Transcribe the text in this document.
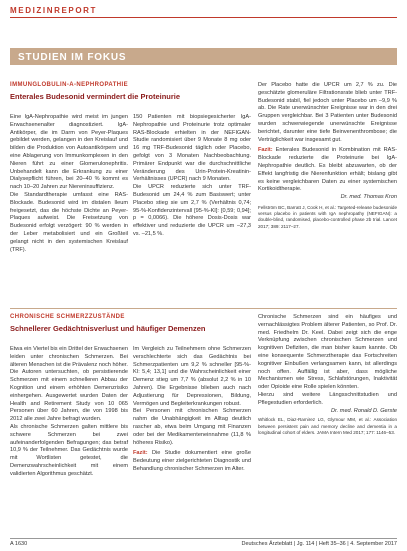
MEDIZINREPORT
STUDIEN IM FOKUS
IMMUNGLOBULIN-A-NEPHROPATHIE
Enterales Budesonid vermindert die Proteinurie

Eine IgA-Nephropathie wird meist im jungen Erwachsenenalter diagnostiziert. IgA-Antikörper, die im Darm von Peyer-Plaques gebildet werden, gelangen in den Kreislauf und bilden die Produktion von Autoantikörpern und eine Ablagerung von Immunkomplexen in den Nieren führt zu einer Glomerulonephritis. Unbehandelt kann die Erkrankung zu einer Dialysepflicht führen, bei 20–40 % kommt es nach 10–20 Jahren zur Niereninsuffizienz.

Die Standardtherapie umfasst eine RAS-Blockade. Budesonid wird im distalen Ileum freigesetzt, das die höchste Dichte an Peyer-Plaques aufweist. Die Freisetzung von Budesonid erfolgt verzögert: 90 % werden in der Leber metabolisiert und ein Großteil gelangt nicht in den systemischen Kreislauf (TRF).

150 Patienten mit biopsiegesicherter IgA-Nephropathie und Proteinurie trotz optimaler RAS-Blockade erhielten in der NEFIGAN-Studie randomisiert über 9 Monate 8 mg oder 16 mg TRF-Budesonid täglich oder Placebo, gefolgt von 3 Monaten Nachbeobachtung. Primärer Endpunkt war die durchschnittliche Veränderung des Urin-Protein-Kreatinin-Verhältnisses (UPCR) nach 9 Monaten.

Die UPCR reduzierte sich unter TRF-Budesonid um 24,4 % zum Basiswert; unter Placebo stieg sie um 2,7 % (Verhältnis 0,74; 95-%-Konfidenzintervall [95-%-KI]: [0,59; 0,94]; p = 0,0066). Die höhere Dosis-Dosis war effektiver und reduzierte die UPCR um –27,3 vs. –21,5 %.

Der Placebo hatte die UPCR um 2,7 % zu. Die geschätzte glomeruläre Filtrationsrate blieb unter TRF-Budesonid stabil, fiel jedoch unter Placebo um –9,9 % ab. Die Rate unerwünschter Ereignisse war in den drei Gruppen vergleichbar. Bei 3 Patienten unter Budesonid wurden schwerwiegende unerwünschte Ereignisse berichtet, darunter eine tiefe Beinvenenthrombose; die Verträglichkeit war insgesamt gut.

Fazit: Enterales Budesonid in Kombination mit RAS-Blockade reduzierte die Proteinurie bei IgA-Nephropathie deutlich. Es bleibt abzuwarten, ob der Effekt langfristig die Nierenfunktion erhält; bislang gibt es keine vergleichbaren Daten zu einer systemischen Kortikoidtherapie.

Dr. med. Thomas Kron

Fellström BC, Barratt J, Cook H, et al.: Targeted-release budesonide versus placebo in patients with IgA nephropathy (NEFIGAN): a double-blind, randomised, placebo-controlled phase 2b trial. Lancet 2017; 389: 2117–27.

CHRONISCHE SCHMERZZUSTÄNDE
Schnellerer Gedächtnisverlust und häufiger Demenzen

Etwa ein Viertel bis ein Drittel der Erwachsenen leiden unter chronischen Schmerzen. Bei älteren Menschen ist die Prävalenz noch höher. Die Autoren untersuchten, ob persistierende Schmerzen mit einem schnelleren Abbau der Kognition und einem erhöhten Demenzrisiko einhergehen. Ausgewertet wurden Daten der Health and Retirement Study von 10 065 Personen über 60 Jahren, die von 1998 bis 2012 alle zwei Jahre befragt wurden.

Als chronische Schmerzen galten mittlere bis schwere Schmerzen bei zwei aufeinanderfolgenden Befragungen; das betraf 10,9 % der Teilnehmer. Das Gedächtnis wurde mit Wortlisten getestet, die Demenzwahrscheinlichkeit mit einem validierten Algorithmus geschätzt.

Im Vergleich zu Teilnehmern ohne Schmerzen verschlechterte sich das Gedächtnis bei Schmerzpatienten um 9,2 % schneller [95-%-KI: 5,4; 13,1] und die Wahrscheinlichkeit einer Demenz stieg um 7,7 % (absolut 2,2 % in 10 Jahren). Die Ergebnisse blieben auch nach Adjustierung für Depressionen, Bildung, Vermögen und Begleiterkrankungen robust.

Bei Personen mit chronischen Schmerzen nahm die Unabhängigkeit im Alltag deutlich rascher ab, etwa beim Umgang mit Finanzen oder bei der Medikamenteneinnahme (11,8 % höheres Risiko).

Fazit: Die Studie dokumentiert eine große Bedeutung einer zielgerichteten Diagnostik und Behandlung chronischer Schmerzen im Alter.

Chronische Schmerzen sind ein häufiges und vernachlässigtes Problem älterer Patienten, so Prof. Dr. med. Friedhelm Dr. Keel. Dabei zeigt sich die enge Verknüpfung zwischen chronischen Schmerzen und kognitiven Defiziten, die man bisher kaum kannte. Ob eine konsequente Schmerztherapie das Fortschreiten kognitiver Einbußen verlangsamen kann, ist allerdings noch offen. Auffällig ist aber, dass mögliche Mechanismen wie Stress, Schlafstörungen, Inaktivität oder Opioide eine Rolle spielen könnten.

Hierzu sind weitere Längsschnittstudien und Pflegestudien erforderlich.

Dr. med. Ronald D. Gerste

Whitlock EL, Diaz-Ramirez LG, Glymour MM, et al.: Association between persistent pain and memory decline and dementia in a longitudinal cohort of elders. JAMA Intern Med 2017; 177: 1146–53.

A 1630	Deutsches Ärzteblatt | Jg. 114 | Heft 35–36 | 4. September 2017
